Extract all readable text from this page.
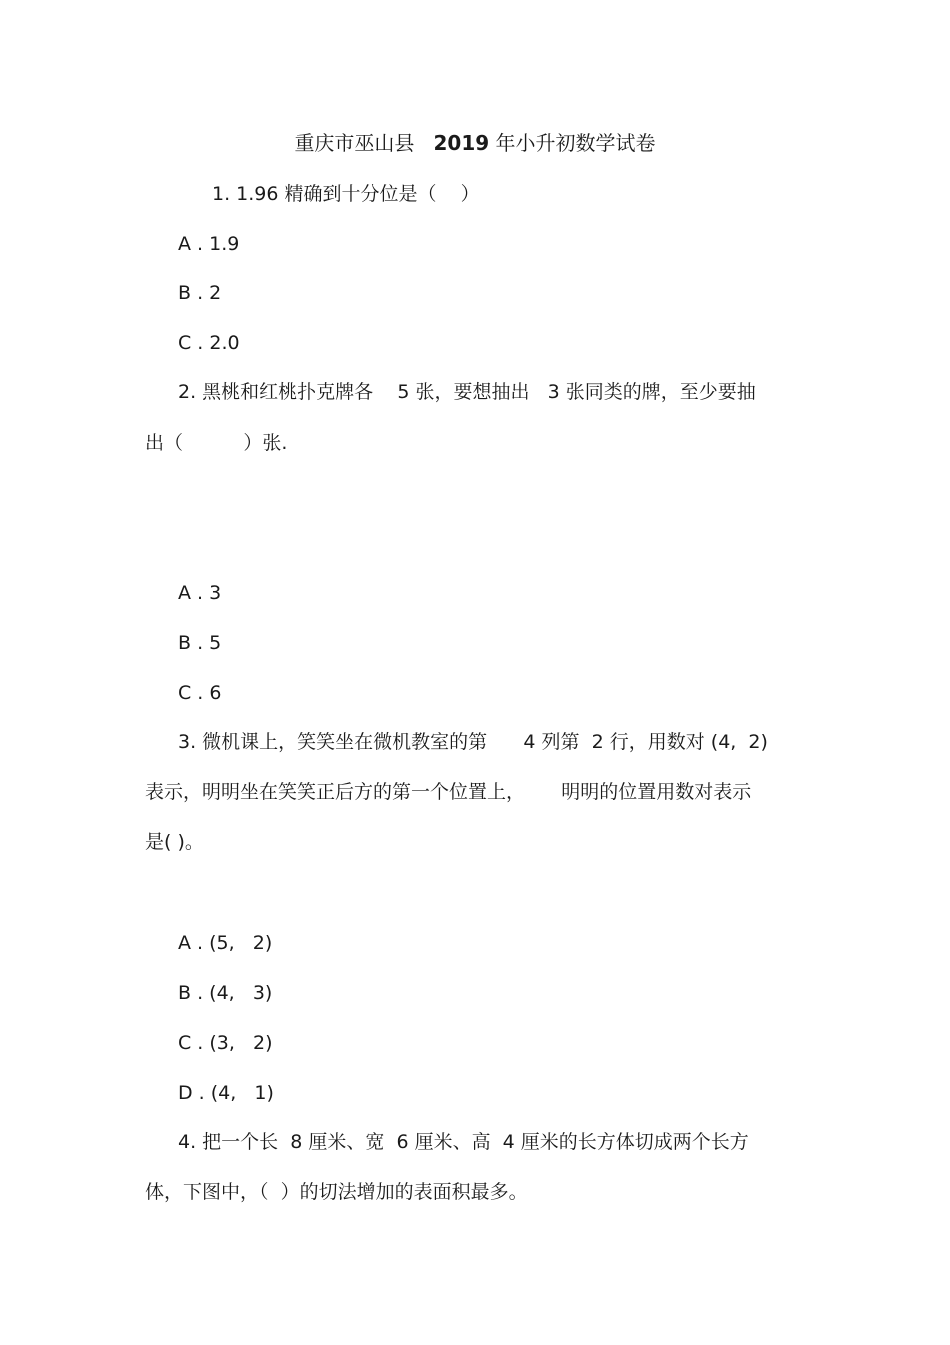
重庆市巫山县   2019 年小升初数学试卷
1. 1.96 精确到十分位是（    ）
A . 1.9
B . 2
C . 2.0
2. 黑桃和红桃扑克牌各    5 张，要想抽出   3 张同类的牌，至少要抽
出（          ）张.
A . 3
B . 5
C . 6
3. 微机课上，笑笑坐在微机教室的第      4 列第  2 行，用数对 (4,  2)
表示，明明坐在笑笑正后方的第一个位置上，      明明的位置用数对表示
是( )。
A . (5,   2)
B . (4,   3)
C . (3,   2)
D . (4,   1)
4. 把一个长  8 厘米、宽  6 厘米、高  4 厘米的长方体切成两个长方
体，下图中，（  ）的切法增加的表面积最多。
